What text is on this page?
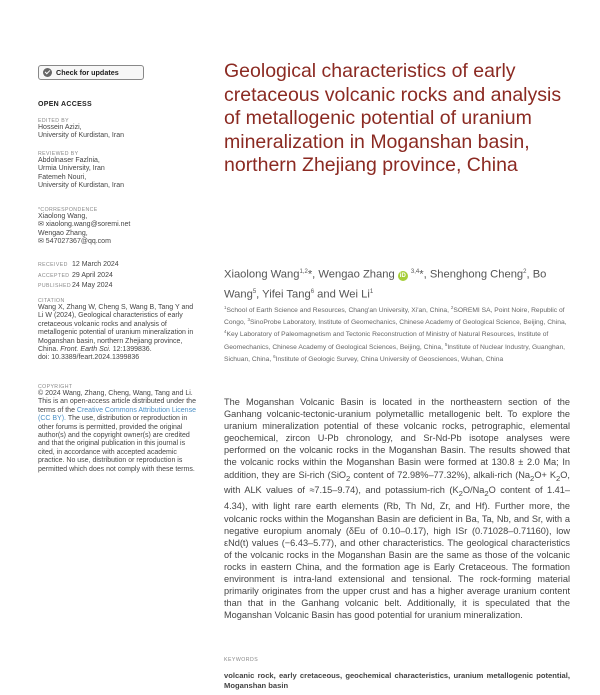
Check for updates
OPEN ACCESS
EDITED BY
Hossein Azizi,
University of Kurdistan, Iran
REVIEWED BY
Abdolnaser Fazlnia,
Urmia University, Iran
Fatemeh Nouri,
University of Kurdistan, Iran
*CORRESPONDENCE
Xiaolong Wang,
✉ xiaolong.wang@soremi.net
Wengao Zhang,
✉ 547027367@qq.com
RECEIVED 12 March 2024
ACCEPTED 29 April 2024
PUBLISHED24 May 2024
CITATION
Wang X, Zhang W, Cheng S, Wang B, Tang Y and Li W (2024), Geological characteristics of early cretaceous volcanic rocks and analysis of metallogenic potential of uranium mineralization in Moganshan basin, northern Zhejiang province, China. Front. Earth Sci. 12:1399836.
doi: 10.3389/feart.2024.1399836
COPYRIGHT
© 2024 Wang, Zhang, Cheng, Wang, Tang and Li. This is an open-access article distributed under the terms of the Creative Commons Attribution License (CC BY). The use, distribution or reproduction in other forums is permitted, provided the original author(s) and the copyright owner(s) are credited and that the original publication in this journal is cited, in accordance with accepted academic practice. No use, distribution or reproduction is permitted which does not comply with these terms.
Geological characteristics of early cretaceous volcanic rocks and analysis of metallogenic potential of uranium mineralization in Moganshan basin, northern Zhejiang province, China
Xiaolong Wang$^{1,2}$*, Wengao Zhang iD $^{3,4}$*, Shenghong Cheng$^2$, Bo Wang$^5$, Yifei Tang$^6$ and Wei Li$^1$
$^1$School of Earth Science and Resources, Chang'an University, Xi'an, China, $^2$SOREMI SA, Point Noire, Republic of Congo, $^3$SinoProbe Laboratory, Institute of Geomechanics, Chinese Academy of Geological Science, Beijing, China, $^4$Key Laboratory of Paleomagnetism and Tectonic Reconstruction of Ministry of Natural Resources, Institute of Geomechanics, Chinese Academy of Geological Sciences, Beijing, China, $^5$Institute of Nuclear Industry, Guanghan, Sichuan, China, $^6$Institute of Geologic Survey, China University of Geosciences, Wuhan, China

The Moganshan Volcanic Basin is located in the northeastern section of the Ganhang volcanic-tectonic-uranium polymetallic metallogenic belt. To explore the uranium mineralization potential of these volcanic rocks, petrographic, elemental geochemical, zircon U-Pb chronology, and Sr-Nd-Pb isotope analyses were performed on the volcanic rocks in the Moganshan Basin. The results showed that the volcanic rocks within the Moganshan Basin were formed at 130.8 ± 2.0 Ma; In addition, they are Si-rich (SiO$_2$ content of 72.98%–77.32%), alkali-rich ($Na_2O+ K_2O$, with ALK values of ≈7.15–9.74), and potassium-rich ($K_2O/Na_2O$ content of 1.41–4.34), with light rare earth elements (Rb, Th Nd, Zr, and Hf). Further more, the volcanic rocks within the Moganshan Basin are deficient in Ba, Ta, Nb, and Sr, with a negative europium anomaly (δEu of 0.10–0.17), high ISr (0.71028–0.71160), low εNd(t) values (−6.43–5.77), and other characteristics. The geological characteristics of the volcanic rocks in the Moganshan Basin are the same as those of the volcanic rocks in eastern China, and the formation age is Early Cretaceous. The formation environment is intra-land extensional and tensional. The rock-forming material primarily originates from the upper crust and has a higher average uranium content than that in the Ganhang volcanic belt. Additionally, it is speculated that the Moganshan Volcanic Basin has good potential for uranium mineralization.

KEYWORDS
volcanic rock, early cretaceous, geochemical characteristics, uranium metallogenic potential, Moganshan basin
